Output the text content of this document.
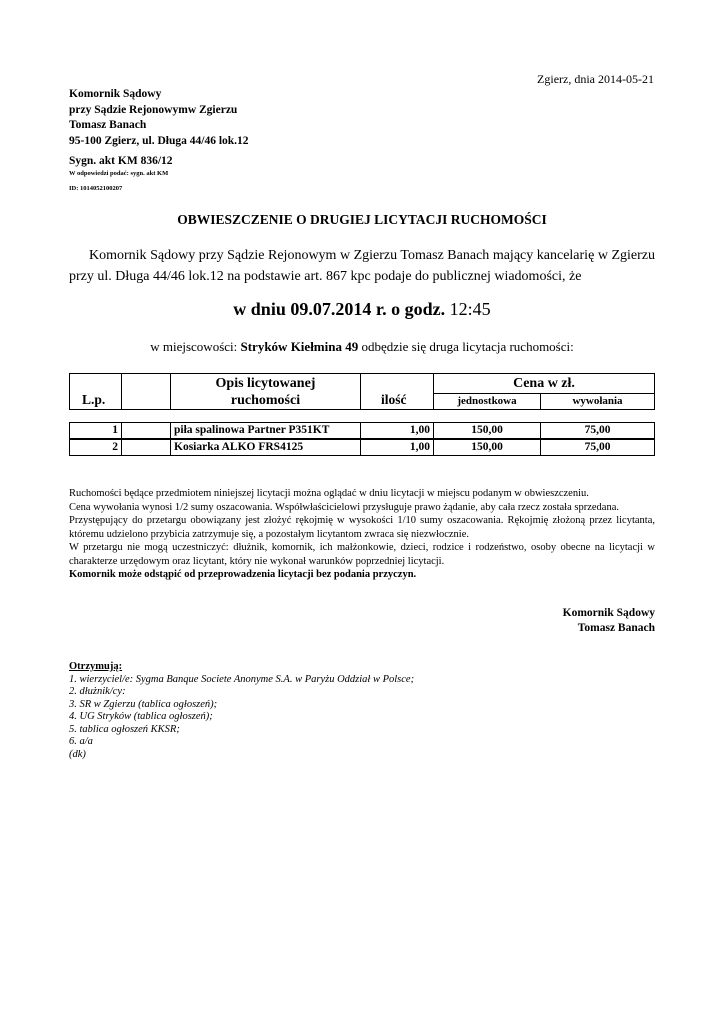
Zgierz, dnia 2014-05-21
Komornik Sądowy
przy Sądzie Rejonowymw Zgierzu
Tomasz Banach
95-100 Zgierz, ul. Długa 44/46 lok.12
Sygn. akt KM 836/12
W odpowiedzi podać: sygn. akt KM
ID: 1014052100207
OBWIESZCZENIE O DRUGIEJ LICYTACJI RUCHOMOŚCI

Komornik Sądowy przy Sądzie Rejonowym w Zgierzu Tomasz Banach mający kancelarię w Zgierzu przy ul. Długa 44/46 lok.12 na podstawie art. 867 kpc podaje do publicznej wiadomości, że

w dniu 09.07.2014 r. o godz. 12:45
w miejscowości: Stryków Kiełmina 49 odbędzie się druga licytacja ruchomości:
L.p.
Opis licytowanej
ruchomości	ilość
Cena w zł.
jednostkowa	wywołania
1	piła spalinowa Partner P351KT	1,00	150,00	75,00
2	Kosiarka ALKO FRS4125	1,00	150,00	75,00

Ruchomości będące przedmiotem niniejszej licytacji można oglądać w dniu licytacji w miejscu podanym w obwieszczeniu.

Cena wywołania wynosi 1/2 sumy oszacowania. Współwłaścicielowi przysługuje prawo żądanie, aby cała rzecz została sprzedana.

Przystępujący do przetargu obowiązany jest złożyć rękojmię w wysokości 1/10 sumy oszacowania. Rękojmię złożoną przez licytanta, któremu udzielono przybicia zatrzymuje się, a pozostałym licytantom zwraca się niezwłocznie.

W przetargu nie mogą uczestniczyć: dłużnik, komornik, ich małżonkowie, dzieci, rodzice i rodzeństwo, osoby obecne na licytacji w charakterze urzędowym oraz licytant, który nie wykonał warunków poprzedniej licytacji.

Komornik może odstąpić od przeprowadzenia licytacji bez podania przyczyn.

Komornik Sądowy
Tomasz Banach
Otrzymują:
1. wierzyciel/e: Sygma Banque Societe Anonyme S.A. w Paryżu Oddział w Polsce;
2. dłużnik/cy:
3. SR w Zgierzu (tablica ogłoszeń);
4. UG Stryków (tablica ogłoszeń);
5. tablica ogłoszeń KKSR;
6. a/a
(dk)
